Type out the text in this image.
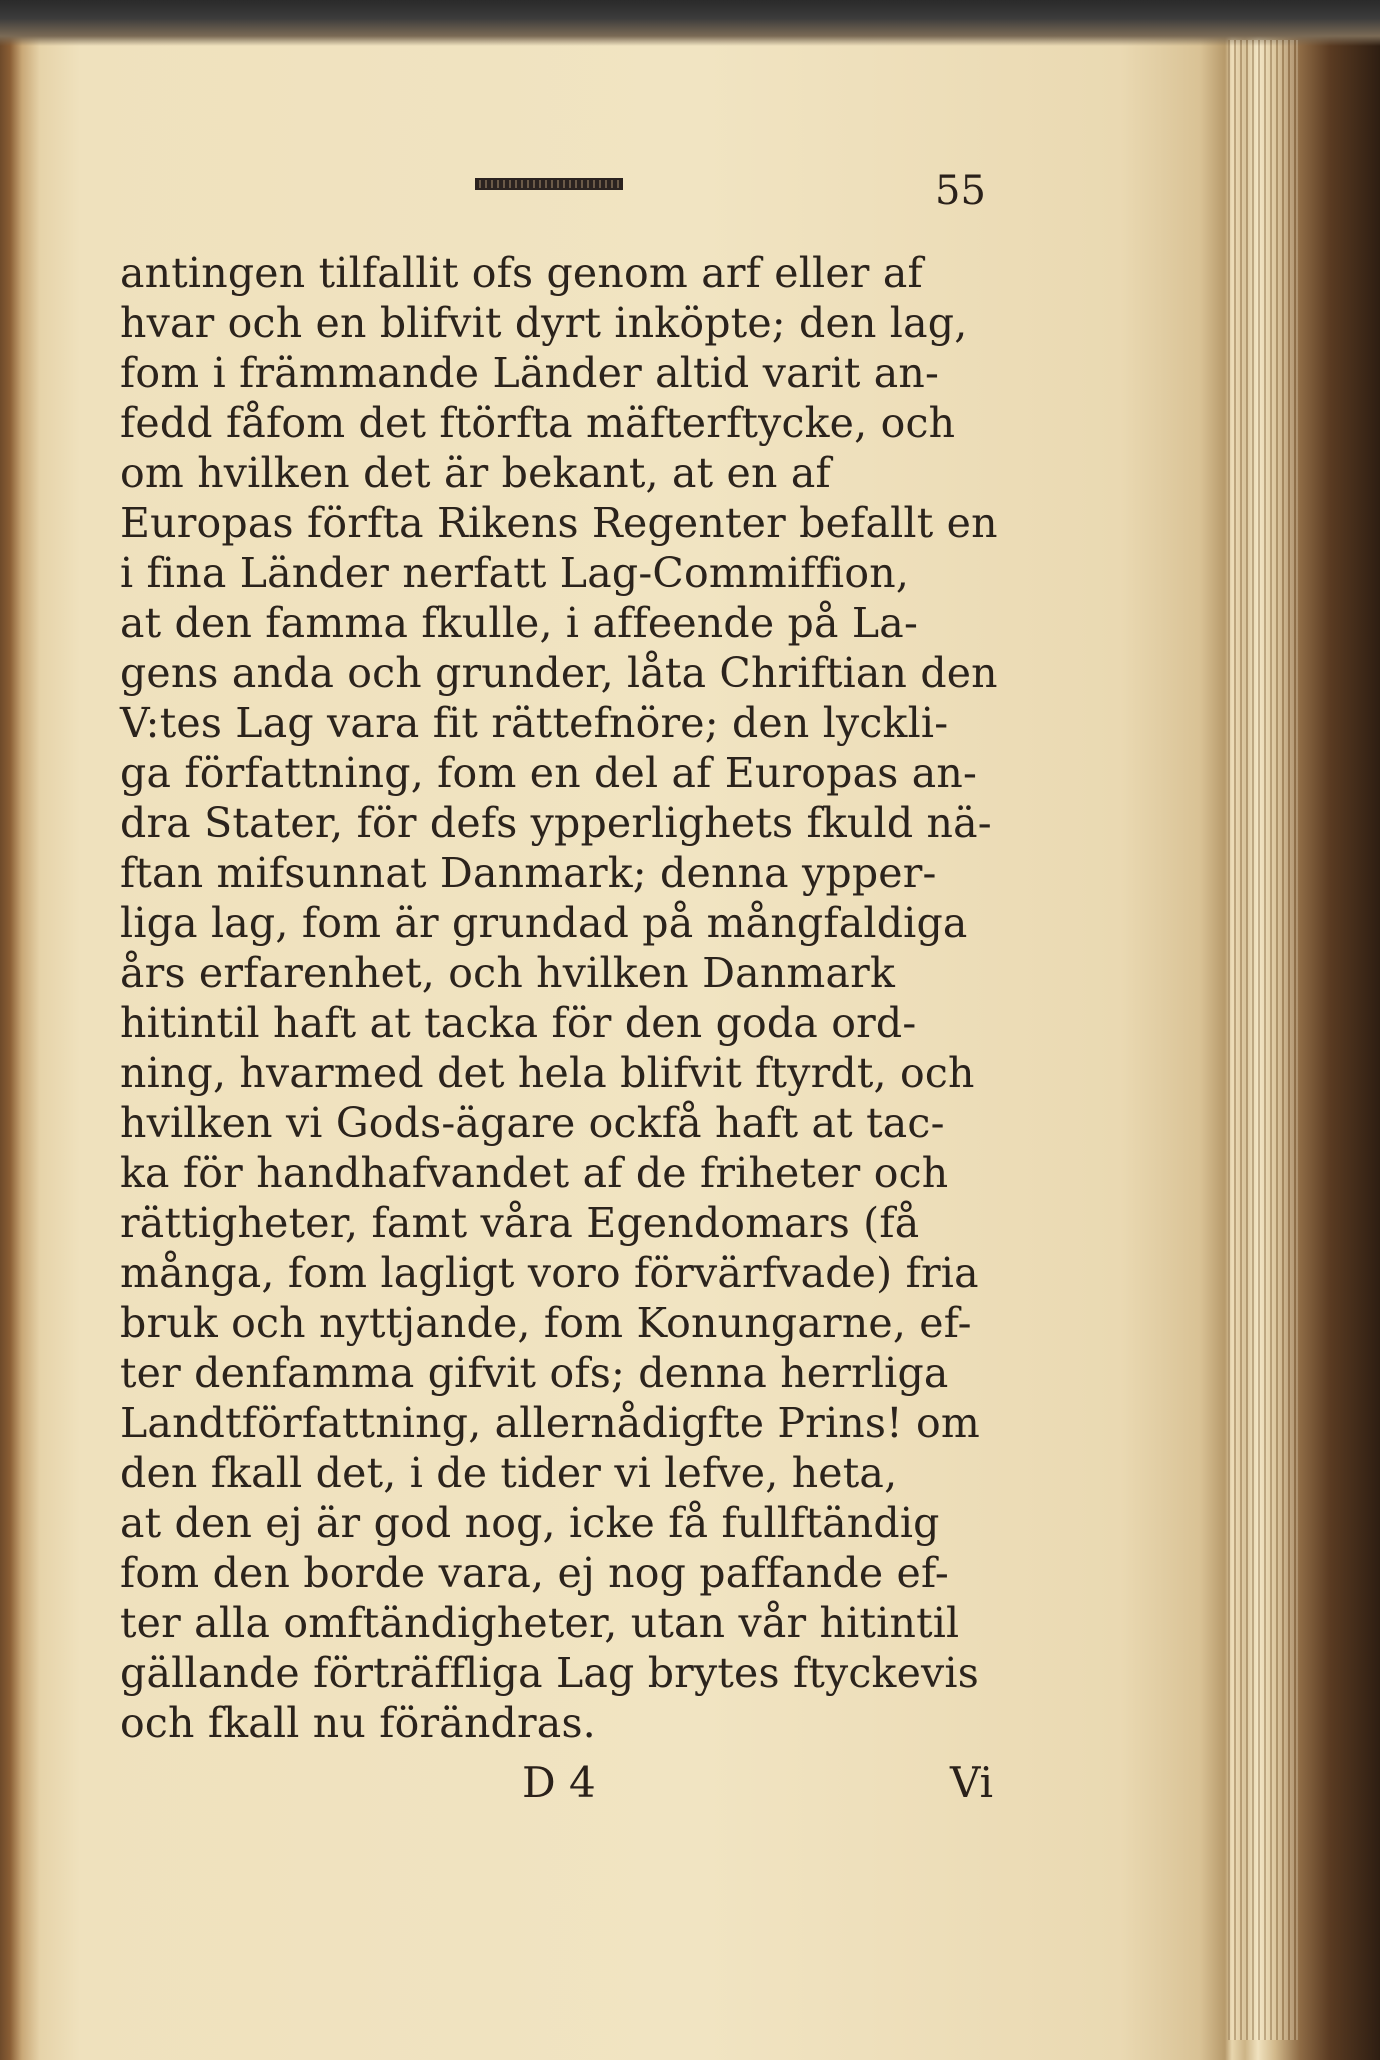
55
antingen tilfallit ofs genom arf eller af
hvar och en blifvit dyrt inköpte; den lag,
fom i främmande Länder altid varit an-
fedd fåfom det ftörfta mäfterftycke, och
om hvilken det är bekant, at en af
Europas förfta Rikens Regenter befallt en
i fina Länder nerfatt Lag-Commiffion,
at den famma fkulle, i affeende på La-
gens anda och grunder, låta Chriftian den
V:tes Lag vara fit rättefnöre; den lyckli-
ga författning, fom en del af Europas an-
dra Stater, för defs ypperlighets fkuld nä-
ftan mifsunnat Danmark; denna ypper-
liga lag, fom är grundad på mångfaldiga
års erfarenhet, och hvilken Danmark
hitintil haft at tacka för den goda ord-
ning, hvarmed det hela blifvit ftyrdt, och
hvilken vi Gods-ägare ockfå haft at tac-
ka för handhafvandet af de friheter och
rättigheter, famt våra Egendomars (få
många, fom lagligt voro förvärfvade) fria
bruk och nyttjande, fom Konungarne, ef-
ter denfamma gifvit ofs; denna herrliga
Landtförfattning, allernådigfte Prins! om
den fkall det, i de tider vi lefve, heta,
at den ej är god nog, icke få fullftändig
fom den borde vara, ej nog paffande ef-
ter alla omftändigheter, utan vår hitintil
gällande förträffliga Lag brytes ftyckevis
och fkall nu förändras.
D 4	Vi
